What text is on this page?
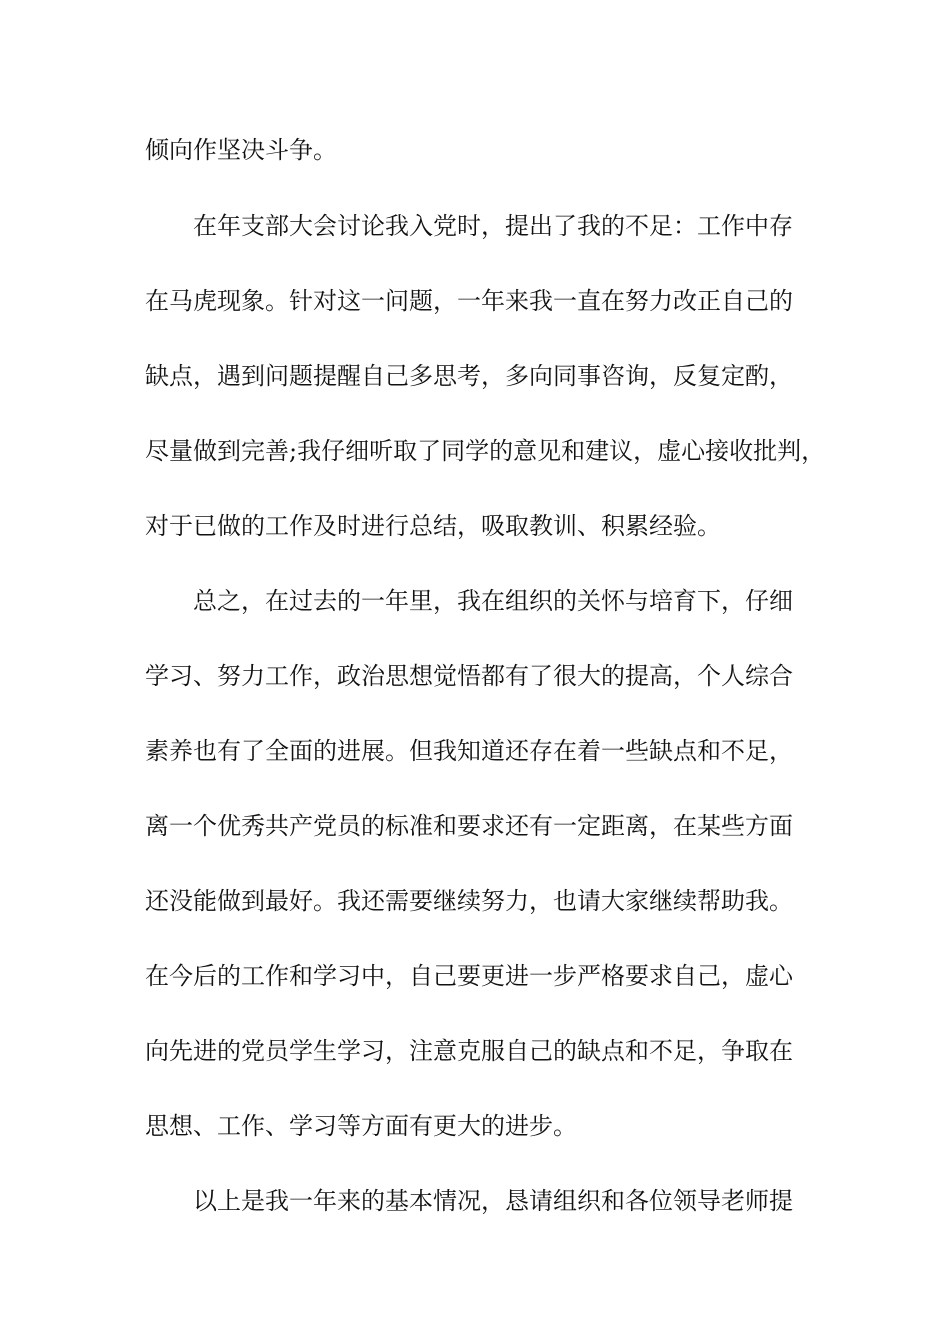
倾向作坚决斗争。

在年支部大会讨论我入党时，提出了我的不足：工作中存

在马虎现象。针对这一问题，一年来我一直在努力改正自己的

缺点，遇到问题提醒自己多思考，多向同事咨询，反复定酌，

尽量做到完善;我仔细听取了同学的意见和建议，虚心接收批判，

对于已做的工作及时进行总结，吸取教训、积累经验。

总之，在过去的一年里，我在组织的关怀与培育下，仔细

学习、努力工作，政治思想觉悟都有了很大的提高，个人综合

素养也有了全面的进展。但我知道还存在着一些缺点和不足，

离一个优秀共产党员的标准和要求还有一定距离，在某些方面

还没能做到最好。我还需要继续努力，也请大家继续帮助我。

在今后的工作和学习中，自己要更进一步严格要求自己，虚心

向先进的党员学生学习，注意克服自己的缺点和不足，争取在

思想、工作、学习等方面有更大的进步。

以上是我一年来的基本情况，恳请组织和各位领导老师提
